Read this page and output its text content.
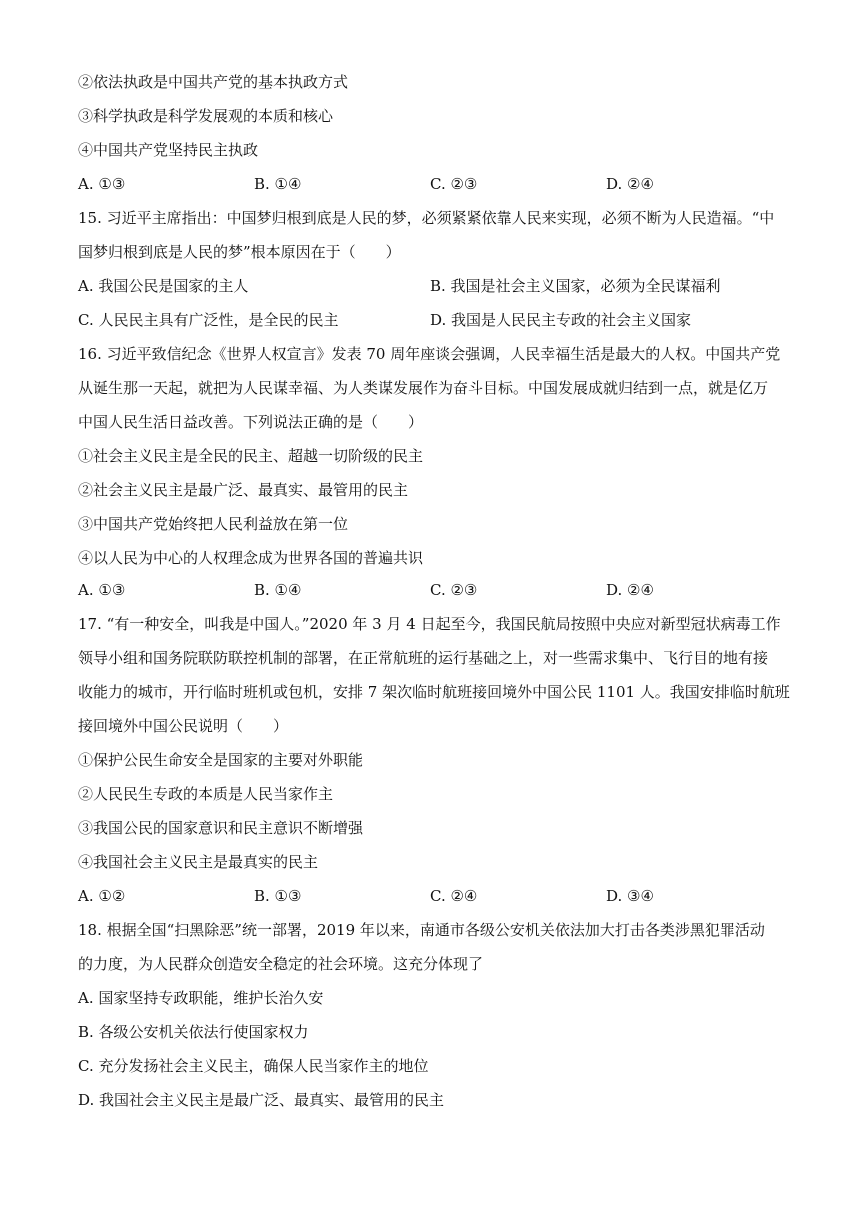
②依法执政是中国共产党的基本执政方式
③科学执政是科学发展观的本质和核心
④中国共产党坚持民主执政
A. ①③	B. ①④	C. ②③	D. ②④
15. 习近平主席指出：中国梦归根到底是人民的梦，必须紧紧依靠人民来实现，必须不断为人民造福。“中
国梦归根到底是人民的梦”根本原因在于（　　）
A. 我国公民是国家的主人	B. 我国是社会主义国家，必须为全民谋福利
C. 人民民主具有广泛性，是全民的民主	D. 我国是人民民主专政的社会主义国家
16. 习近平致信纪念《世界人权宣言》发表 70 周年座谈会强调，人民幸福生活是最大的人权。中国共产党
从诞生那一天起，就把为人民谋幸福、为人类谋发展作为奋斗目标。中国发展成就归结到一点，就是亿万
中国人民生活日益改善。下列说法正确的是（　　）
①社会主义民主是全民的民主、超越一切阶级的民主
②社会主义民主是最广泛、最真实、最管用的民主
③中国共产党始终把人民利益放在第一位
④以人民为中心的人权理念成为世界各国的普遍共识
A. ①③	B. ①④	C. ②③	D. ②④
17. “有一种安全，叫我是中国人。”2020 年 3 月 4 日起至今，我国民航局按照中央应对新型冠状病毒工作
领导小组和国务院联防联控机制的部署，在正常航班的运行基础之上，对一些需求集中、飞行目的地有接
收能力的城市，开行临时班机或包机，安排 7 架次临时航班接回境外中国公民 1101 人。我国安排临时航班
接回境外中国公民说明（　　）
①保护公民生命安全是国家的主要对外职能
②人民民生专政的本质是人民当家作主
③我国公民的国家意识和民主意识不断增强
④我国社会主义民主是最真实的民主
A. ①②	B. ①③	C. ②④	D. ③④
18. 根据全国“扫黑除恶”统一部署，2019 年以来，南通市各级公安机关依法加大打击各类涉黑犯罪活动
的力度，为人民群众创造安全稳定的社会环境。这充分体现了
A. 国家坚持专政职能，维护长治久安
B. 各级公安机关依法行使国家权力
C. 充分发扬社会主义民主，确保人民当家作主的地位
D. 我国社会主义民主是最广泛、最真实、最管用的民主
